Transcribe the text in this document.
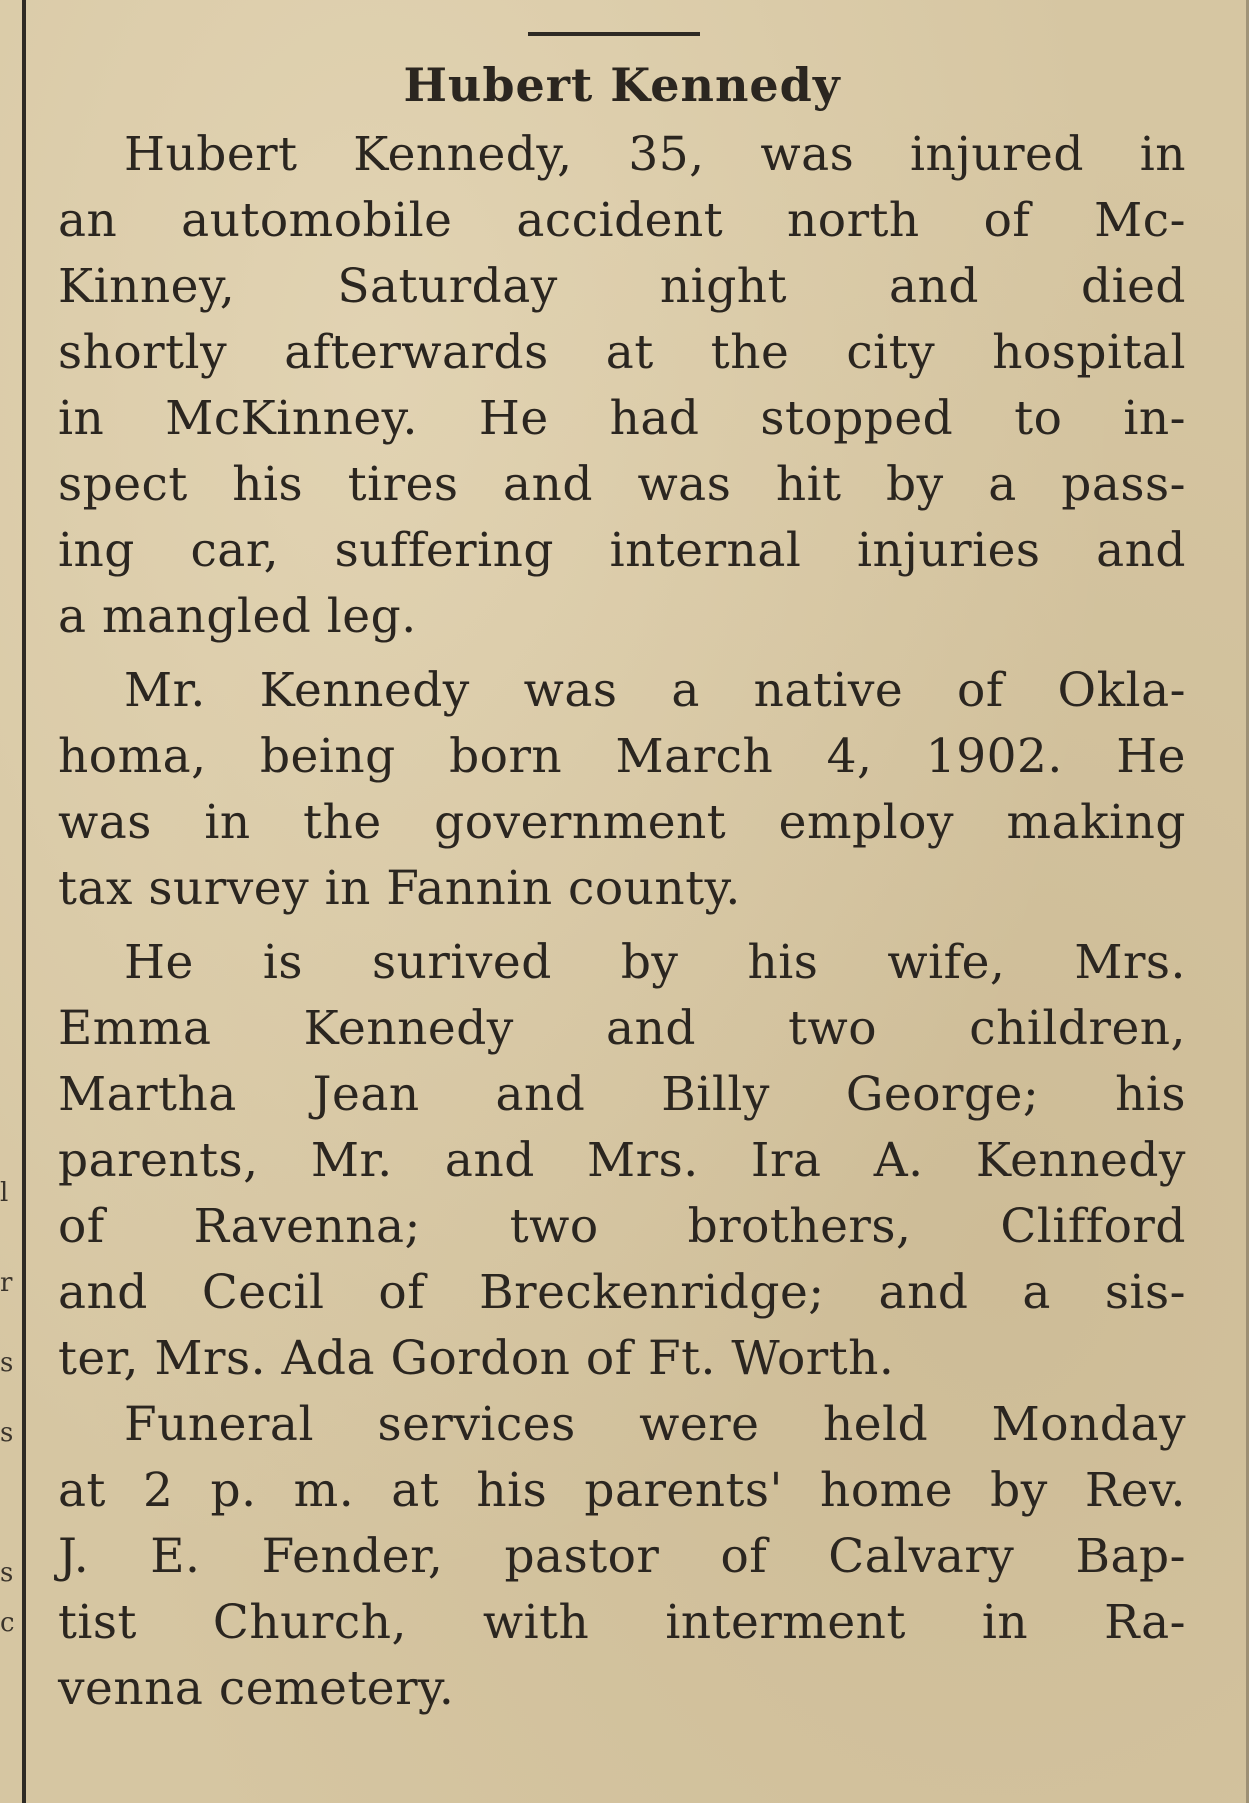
l
r
s
s
s
c
Hubert Kennedy
Hubert Kennedy, 35, was injured in
an automobile accident north of Mc-
Kinney, Saturday night and died
shortly afterwards at the city hospital
in McKinney. He had stopped to in-
spect his tires and was hit by a pass-
ing car, suffering internal injuries and
a mangled leg.
Mr. Kennedy was a native of Okla-
homa, being born March 4, 1902. He
was in the government employ making
tax survey in Fannin county.
He is surived by his wife, Mrs.
Emma Kennedy and two children,
Martha Jean and Billy George; his
parents, Mr. and Mrs. Ira A. Kennedy
of Ravenna; two brothers, Clifford
and Cecil of Breckenridge; and a sis-
ter, Mrs. Ada Gordon of Ft. Worth.
Funeral services were held Monday
at 2 p. m. at his parents' home by Rev.
J. E. Fender, pastor of Calvary Bap-
tist Church, with interment in Ra-
venna cemetery.
